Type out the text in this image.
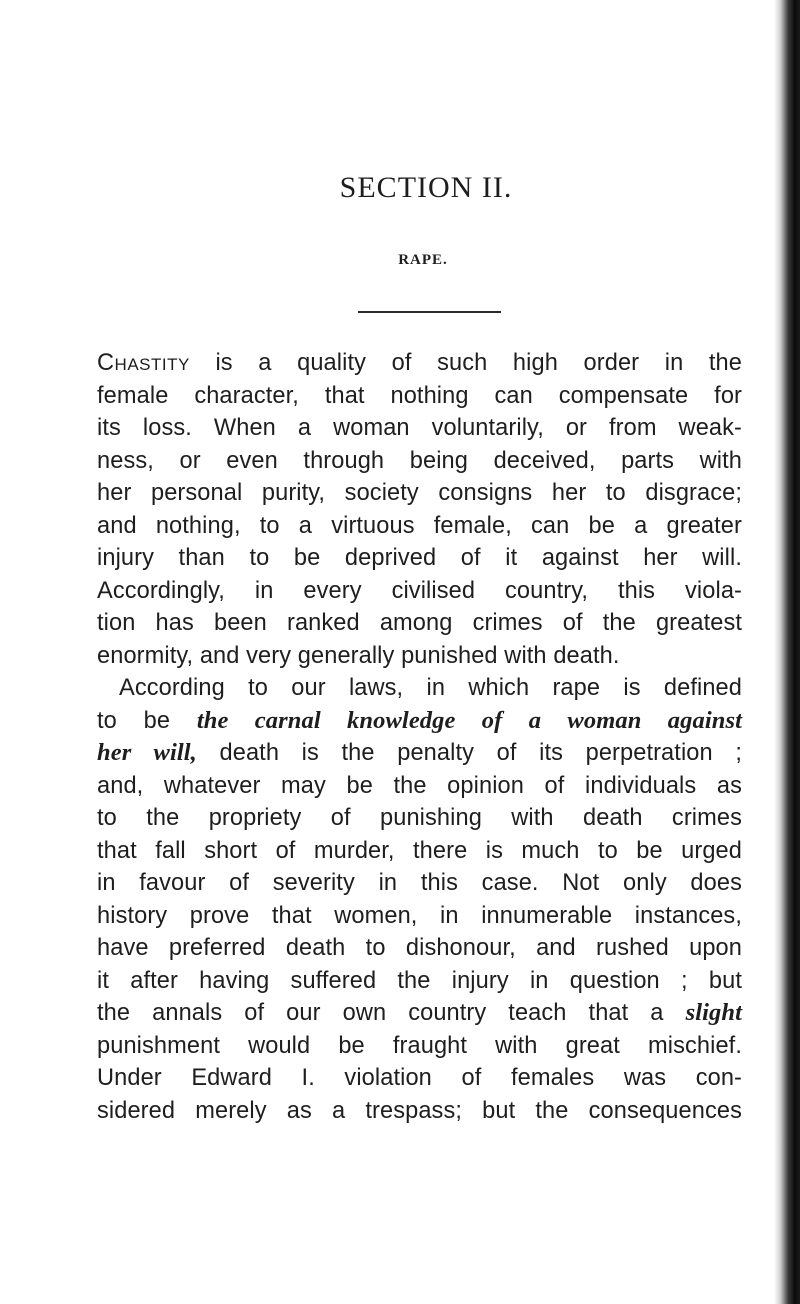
SECTION II.
RAPE.
Chastity is a quality of such high order in the
female character, that nothing can compensate for
its loss. When a woman voluntarily, or from weak-
ness, or even through being deceived, parts with
her personal purity, society consigns her to disgrace;
and nothing, to a virtuous female, can be a greater
injury than to be deprived of it against her will.
Accordingly, in every civilised country, this viola-
tion has been ranked among crimes of the greatest
enormity, and very generally punished with death.
According to our laws, in which rape is defined
to be the carnal knowledge of a woman against
her will, death is the penalty of its perpetration ;
and, whatever may be the opinion of individuals as
to the propriety of punishing with death crimes
that fall short of murder, there is much to be urged
in favour of severity in this case. Not only does
history prove that women, in innumerable instances,
have preferred death to dishonour, and rushed upon
it after having suffered the injury in question ; but
the annals of our own country teach that a slight
punishment would be fraught with great mischief.
Under Edward I. violation of females was con-
sidered merely as a trespass; but the consequences
